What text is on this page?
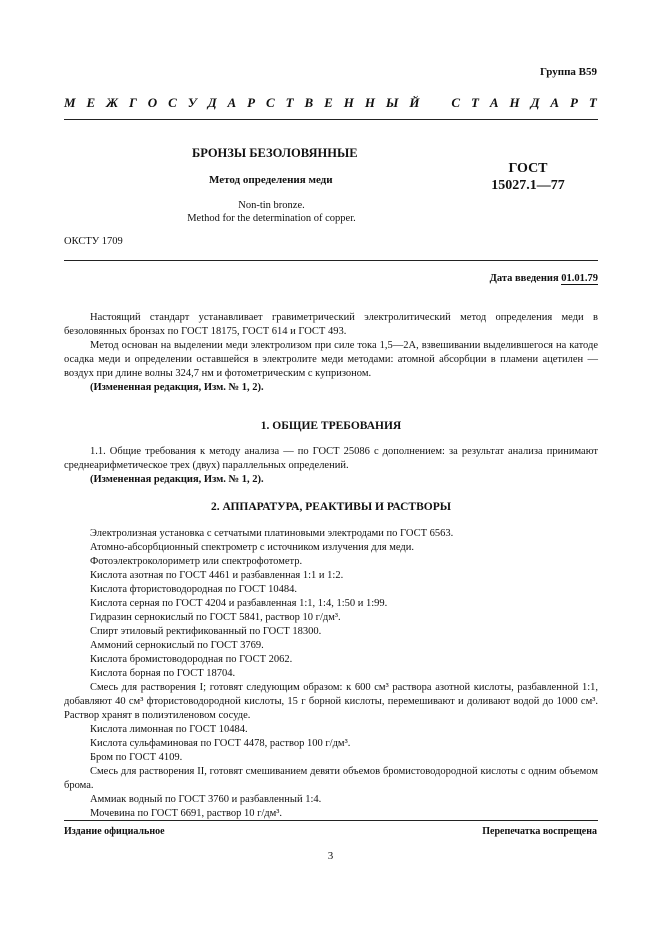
Группа В59
М Е Ж Г О С У Д А Р С Т В Е Н Н Ы Й С Т А Н Д А Р Т
БРОНЗЫ БЕЗОЛОВЯННЫЕ
Метод определения меди
Non-tin bronze.
Method for the determination of copper.
ГОСТ
15027.1—77
ОКСТУ 1709
Дата введения 01.01.79

Настоящий стандарт устанавливает гравиметрический электролитический метод определения меди в безоловянных бронзах по ГОСТ 18175, ГОСТ 614 и ГОСТ 493.

Метод основан на выделении меди электролизом при силе тока 1,5—2А, взвешивании выделившегося на катоде осадка меди и определении оставшейся в электролите меди методами: атомной абсорбции в пламени ацетилен — воздух при длине волны 324,7 нм и фотометрическим с купризоном.

(Измененная редакция, Изм. № 1, 2).

1. ОБЩИЕ ТРЕБОВАНИЯ

1.1. Общие требования к методу анализа — по ГОСТ 25086 с дополнением: за результат анализа принимают среднеарифметическое трех (двух) параллельных определений.

(Измененная редакция, Изм. № 1, 2).

2. АППАРАТУРА, РЕАКТИВЫ И РАСТВОРЫ

Электролизная установка с сетчатыми платиновыми электродами по ГОСТ 6563.

Атомно-абсорбционный спектрометр с источником излучения для меди.

Фотоэлектроколориметр или спектрофотометр.

Кислота азотная по ГОСТ 4461 и разбавленная 1:1 и 1:2.

Кислота фтористоводородная по ГОСТ 10484.

Кислота серная по ГОСТ 4204 и разбавленная 1:1, 1:4, 1:50 и 1:99.

Гидразин сернокислый по ГОСТ 5841, раствор 10 г/дм³.

Спирт этиловый ректификованный по ГОСТ 18300.

Аммоний сернокислый по ГОСТ 3769.

Кислота бромистоводородная по ГОСТ 2062.

Кислота борная по ГОСТ 18704.

Смесь для растворения I; готовят следующим образом: к 600 см³ раствора азотной кислоты, разбавленной 1:1, добавляют 40 см³ фтористоводородной кислоты, 15 г борной кислоты, перемешивают и доливают водой до 1000 см³. Раствор хранят в полиэтиленовом сосуде.

Кислота лимонная по ГОСТ 10484.

Кислота сульфаминовая по ГОСТ 4478, раствор 100 г/дм³.

Бром по ГОСТ 4109.

Смесь для растворения II, готовят смешиванием девяти объемов бромистоводородной кислоты с одним объемом брома.

Аммиак водный по ГОСТ 3760 и разбавленный 1:4.

Мочевина по ГОСТ 6691, раствор 10 г/дм³.

Издание официальное	Перепечатка воспрещена
3
